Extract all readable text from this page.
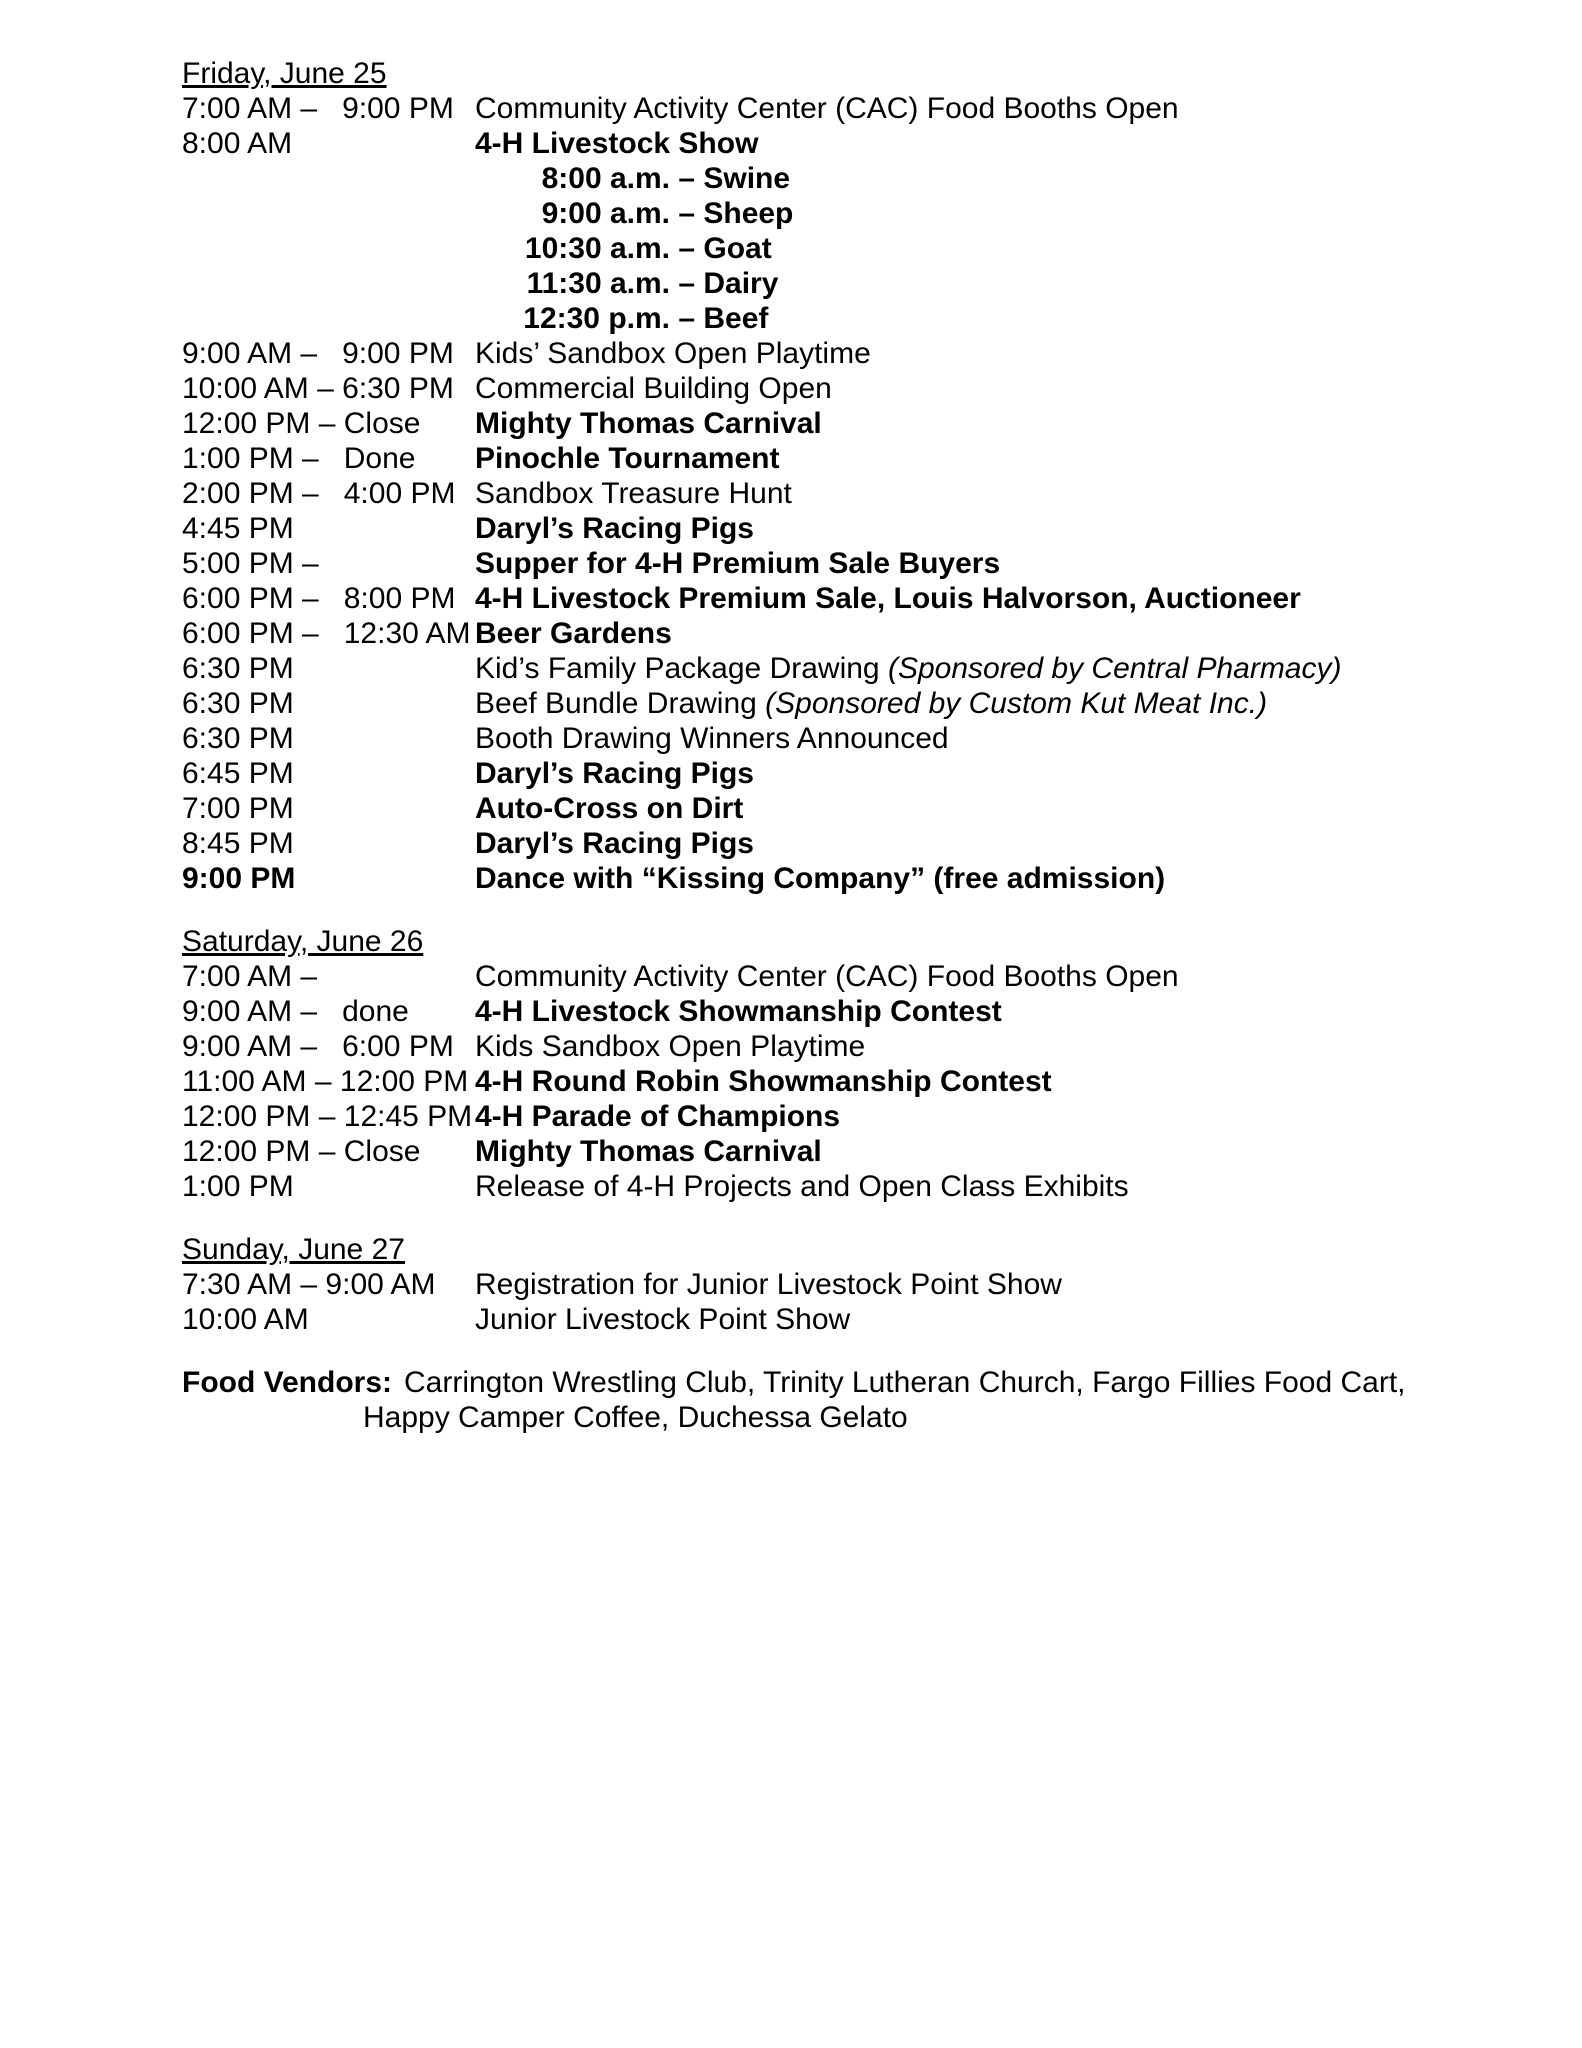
Friday, June 25
7:00 AM –   9:00 PM Community Activity Center (CAC) Food Booths Open
8:00 AM	4-H Livestock Show
8:00 a.m. – Swine
9:00 a.m. – Sheep
10:30 a.m. – Goat
11:30 a.m. – Dairy
12:30 p.m. – Beef
9:00 AM –   9:00 PM Kids’ Sandbox Open Playtime
10:00 AM – 6:30 PM Commercial Building Open
12:00 PM – Close	Mighty Thomas Carnival
1:00 PM –   Done	Pinochle Tournament
2:00 PM –   4:00 PM Sandbox Treasure Hunt
4:45 PM	Daryl’s Racing Pigs
5:00 PM –	Supper for 4-H Premium Sale Buyers
6:00 PM –   8:00 PM 4-H Livestock Premium Sale, Louis Halvorson, Auctioneer
6:00 PM –   12:30 AM Beer Gardens
6:30 PM	Kid’s Family Package Drawing (Sponsored by Central Pharmacy)
6:30 PM	Beef Bundle Drawing (Sponsored by Custom Kut Meat Inc.)
6:30 PM	Booth Drawing Winners Announced
6:45 PM	Daryl’s Racing Pigs
7:00 PM	Auto-Cross on Dirt
8:45 PM	Daryl’s Racing Pigs
9:00 PM	Dance with “Kissing Company” (free admission)
Saturday, June 26
7:00 AM –	Community Activity Center (CAC) Food Booths Open
9:00 AM –   done	4-H Livestock Showmanship Contest
9:00 AM –   6:00 PM Kids Sandbox Open Playtime
11:00 AM – 12:00 PM 4-H Round Robin Showmanship Contest
12:00 PM – 12:45 PM 4-H Parade of Champions
12:00 PM – Close	Mighty Thomas Carnival
1:00 PM	Release of 4-H Projects and Open Class Exhibits
Sunday, June 27
7:30 AM – 9:00 AM	Registration for Junior Livestock Point Show
10:00 AM	Junior Livestock Point Show
Food Vendors: Carrington Wrestling Club, Trinity Lutheran Church, Fargo Fillies Food Cart,
Happy Camper Coffee, Duchessa Gelato
